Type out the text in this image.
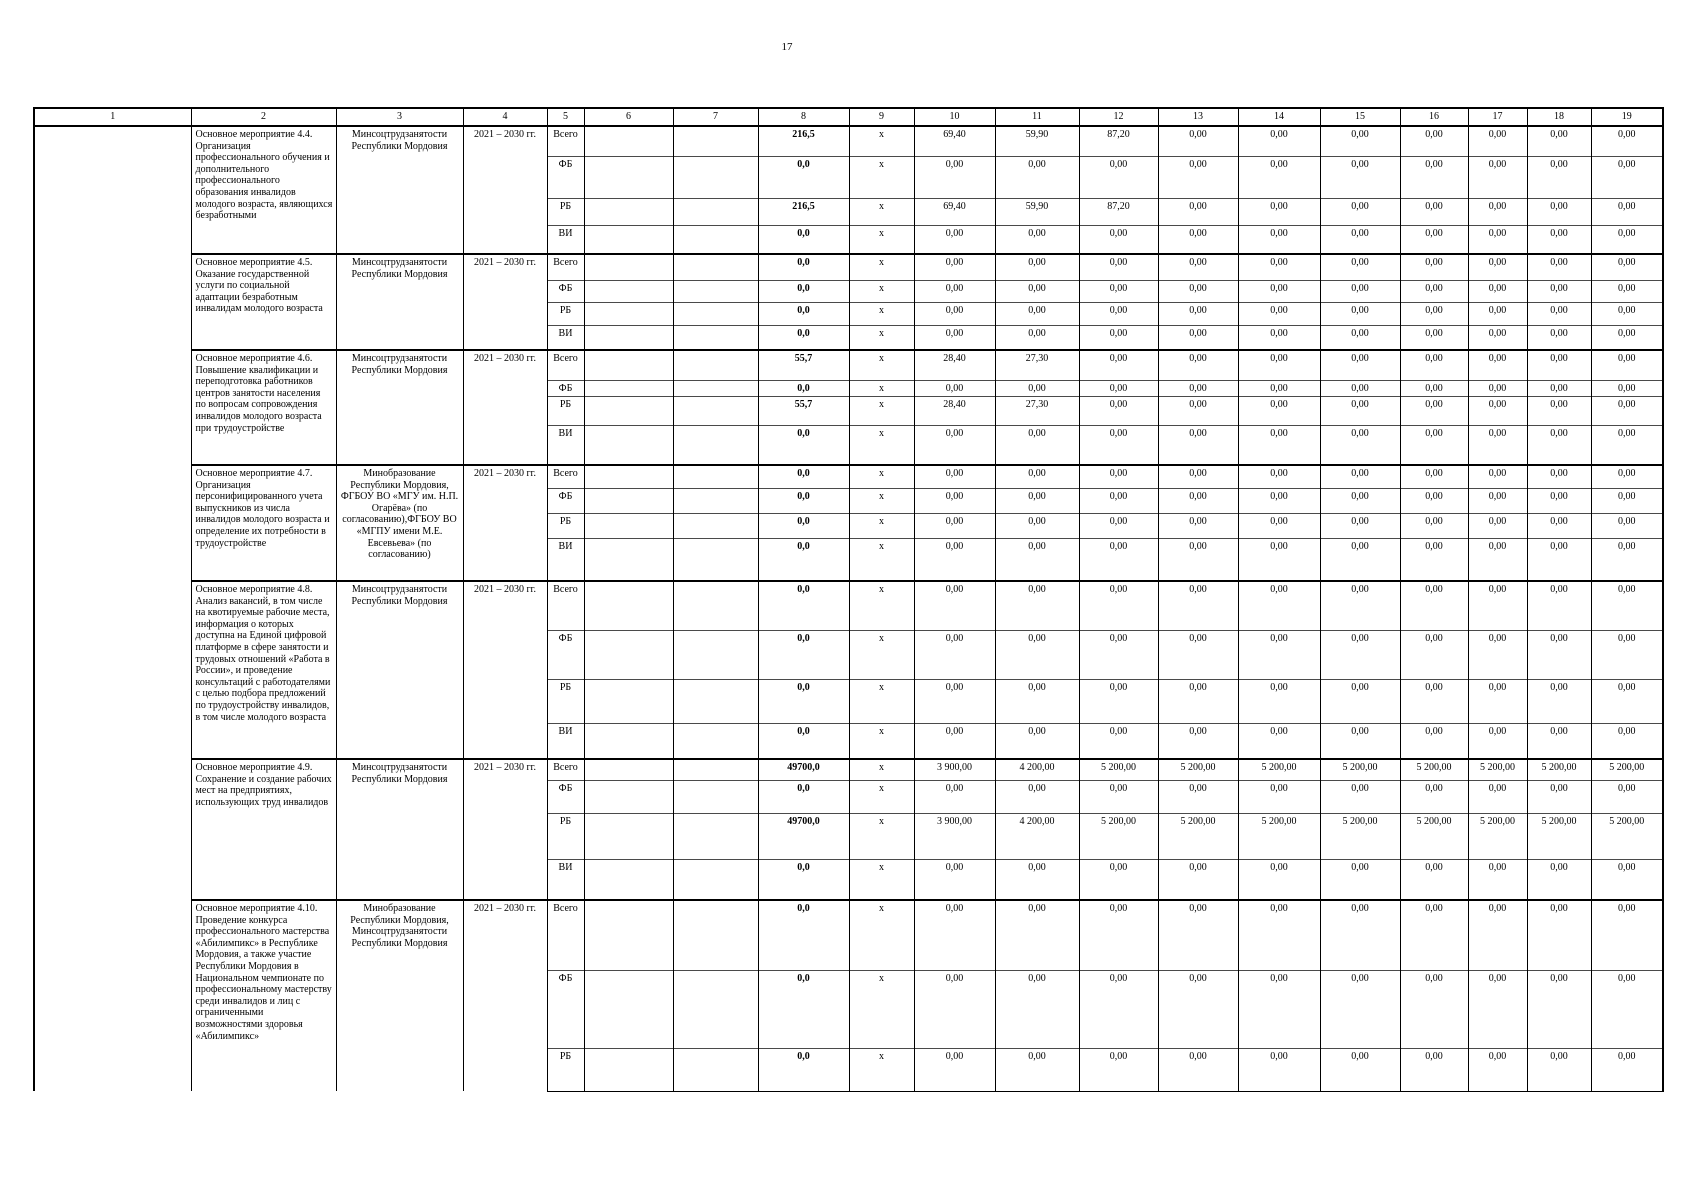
17
1	2	3	4	5	6	7	8	9	10	11	12	13	14	15	16	17	18	19
	Основное мероприятие 4.4. Организация профессионального обучения и дополнительного профессионального образования инвалидов молодого возраста, являющихся безработными	Минсоцтрудзанятости Республики Мордовия	2021 – 2030 гг.	Всего			216,5	х	69,40	59,90	87,20	0,00	0,00	0,00	0,00	0,00	0,00	0,00
				ФБ			0,0	х	0,00	0,00	0,00	0,00	0,00	0,00	0,00	0,00	0,00	0,00
				РБ			216,5	х	69,40	59,90	87,20	0,00	0,00	0,00	0,00	0,00	0,00	0,00
				ВИ			0,0	х	0,00	0,00	0,00	0,00	0,00	0,00	0,00	0,00	0,00	0,00
	Основное мероприятие 4.5. Оказание государственной услуги по социальной адаптации безработным инвалидам молодого возраста	Минсоцтрудзанятости Республики Мордовия	2021 – 2030 гг.	Всего			0,0	х	0,00	0,00	0,00	0,00	0,00	0,00	0,00	0,00	0,00	0,00
				ФБ			0,0	х	0,00	0,00	0,00	0,00	0,00	0,00	0,00	0,00	0,00	0,00
				РБ			0,0	х	0,00	0,00	0,00	0,00	0,00	0,00	0,00	0,00	0,00	0,00
				ВИ			0,0	х	0,00	0,00	0,00	0,00	0,00	0,00	0,00	0,00	0,00	0,00
	Основное мероприятие 4.6. Повышение квалификации и переподготовка работников центров занятости населения по вопросам сопровождения инвалидов молодого возраста при трудоустройстве	Минсоцтрудзанятости Республики Мордовия	2021 – 2030 гг.	Всего			55,7	х	28,40	27,30	0,00	0,00	0,00	0,00	0,00	0,00	0,00	0,00
				ФБ			0,0	х	0,00	0,00	0,00	0,00	0,00	0,00	0,00	0,00	0,00	0,00
				РБ			55,7	х	28,40	27,30	0,00	0,00	0,00	0,00	0,00	0,00	0,00	0,00
				ВИ			0,0	х	0,00	0,00	0,00	0,00	0,00	0,00	0,00	0,00	0,00	0,00
	Основное мероприятие 4.7. Организация персонифицированного учета выпускников из числа инвалидов молодого возраста и определение их потребности в трудоустройстве	Минобразование Республики Мордовия, ФГБОУ ВО «МГУ им. Н.П. Огарёва» (по согласованию),ФГБОУ ВО «МГПУ имени М.Е. Евсевьева» (по согласованию)	2021 – 2030 гг.	Всего			0,0	х	0,00	0,00	0,00	0,00	0,00	0,00	0,00	0,00	0,00	0,00
				ФБ			0,0	х	0,00	0,00	0,00	0,00	0,00	0,00	0,00	0,00	0,00	0,00
				РБ			0,0	х	0,00	0,00	0,00	0,00	0,00	0,00	0,00	0,00	0,00	0,00
				ВИ			0,0	х	0,00	0,00	0,00	0,00	0,00	0,00	0,00	0,00	0,00	0,00
	Основное мероприятие 4.8. Анализ вакансий, в том числе на квотируемые рабочие места, информация о которых доступна на Единой цифровой платформе в сфере занятости и трудовых отношений «Работа в России», и проведение консультаций с работодателями с целью подбора предложений по трудоустройству инвалидов, в том числе молодого возраста	Минсоцтрудзанятости Республики Мордовия	2021 – 2030 гг.	Всего			0,0	х	0,00	0,00	0,00	0,00	0,00	0,00	0,00	0,00	0,00	0,00
				ФБ			0,0	х	0,00	0,00	0,00	0,00	0,00	0,00	0,00	0,00	0,00	0,00
				РБ			0,0	х	0,00	0,00	0,00	0,00	0,00	0,00	0,00	0,00	0,00	0,00
				ВИ			0,0	х	0,00	0,00	0,00	0,00	0,00	0,00	0,00	0,00	0,00	0,00
	Основное мероприятие 4.9. Сохранение и создание рабочих мест на предприятиях, использующих труд инвалидов	Минсоцтрудзанятости Республики Мордовия	2021 – 2030 гг.	Всего			49700,0	х	3 900,00	4 200,00	5 200,00	5 200,00	5 200,00	5 200,00	5 200,00	5 200,00	5 200,00	5 200,00
				ФБ			0,0	х	0,00	0,00	0,00	0,00	0,00	0,00	0,00	0,00	0,00	0,00
				РБ			49700,0	х	3 900,00	4 200,00	5 200,00	5 200,00	5 200,00	5 200,00	5 200,00	5 200,00	5 200,00	5 200,00
				ВИ			0,0	х	0,00	0,00	0,00	0,00	0,00	0,00	0,00	0,00	0,00	0,00
	Основное мероприятие 4.10. Проведение конкурса профессионального мастерства «Абилимпикс» в Республике Мордовия, а также участие Республики Мордовия в Национальном чемпионате по профессиональному мастерству среди инвалидов и лиц с ограниченными возможностями здоровья «Абилимпикс»	Минобразование Республики Мордовия, Минсоцтрудзанятости Республики Мордовия	2021 – 2030 гг.	Всего			0,0	х	0,00	0,00	0,00	0,00	0,00	0,00	0,00	0,00	0,00	0,00
				ФБ			0,0	х	0,00	0,00	0,00	0,00	0,00	0,00	0,00	0,00	0,00	0,00
				РБ			0,0	х	0,00	0,00	0,00	0,00	0,00	0,00	0,00	0,00	0,00	0,00
